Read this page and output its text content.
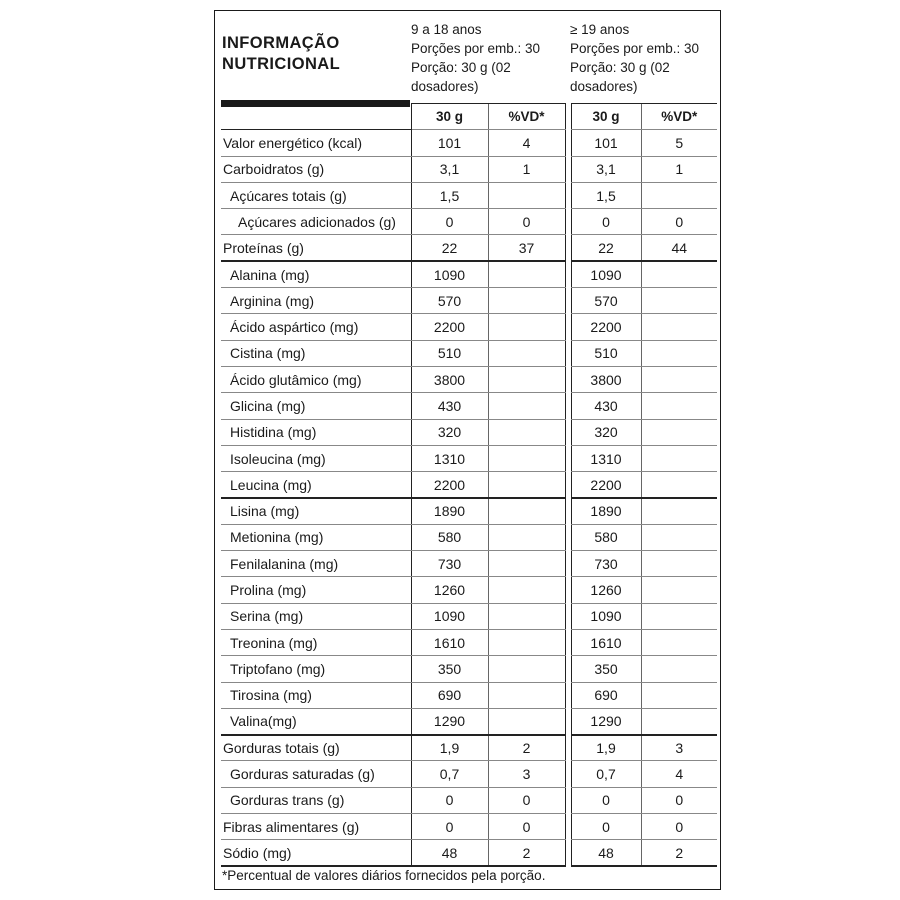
INFORMAÇÃO
NUTRICIONAL
9 a 18 anos
Porções por emb.: 30
Porção: 30 g (02
dosadores)
≥ 19 anos
Porções por emb.: 30
Porção: 30 g (02
dosadores)
	30 g	%VD*		30 g	%VD*
Valor energético (kcal)	101	4		101	5
Carboidratos (g)	3,1	1		3,1	1
Açúcares totais (g)	1,5			1,5	
Açúcares adicionados (g)	0	0		0	0
Proteínas (g)	22	37		22	44
Alanina (mg)	1090			1090	
Arginina (mg)	570			570	
Ácido aspártico (mg)	2200			2200	
Cistina (mg)	510			510	
Ácido glutâmico (mg)	3800			3800	
Glicina (mg)	430			430	
Histidina (mg)	320			320	
Isoleucina (mg)	1310			1310	
Leucina (mg)	2200			2200	
Lisina (mg)	1890			1890	
Metionina (mg)	580			580	
Fenilalanina (mg)	730			730	
Prolina (mg)	1260			1260	
Serina (mg)	1090			1090	
Treonina (mg)	1610			1610	
Triptofano (mg)	350			350	
Tirosina (mg)	690			690	
Valina(mg)	1290			1290	
Gorduras totais (g)	1,9	2		1,9	3
Gorduras saturadas (g)	0,7	3		0,7	4
Gorduras trans (g)	0	0		0	0
Fibras alimentares (g)	0	0		0	0
Sódio (mg)	48	2		48	2
*Percentual de valores diários fornecidos pela porção.
